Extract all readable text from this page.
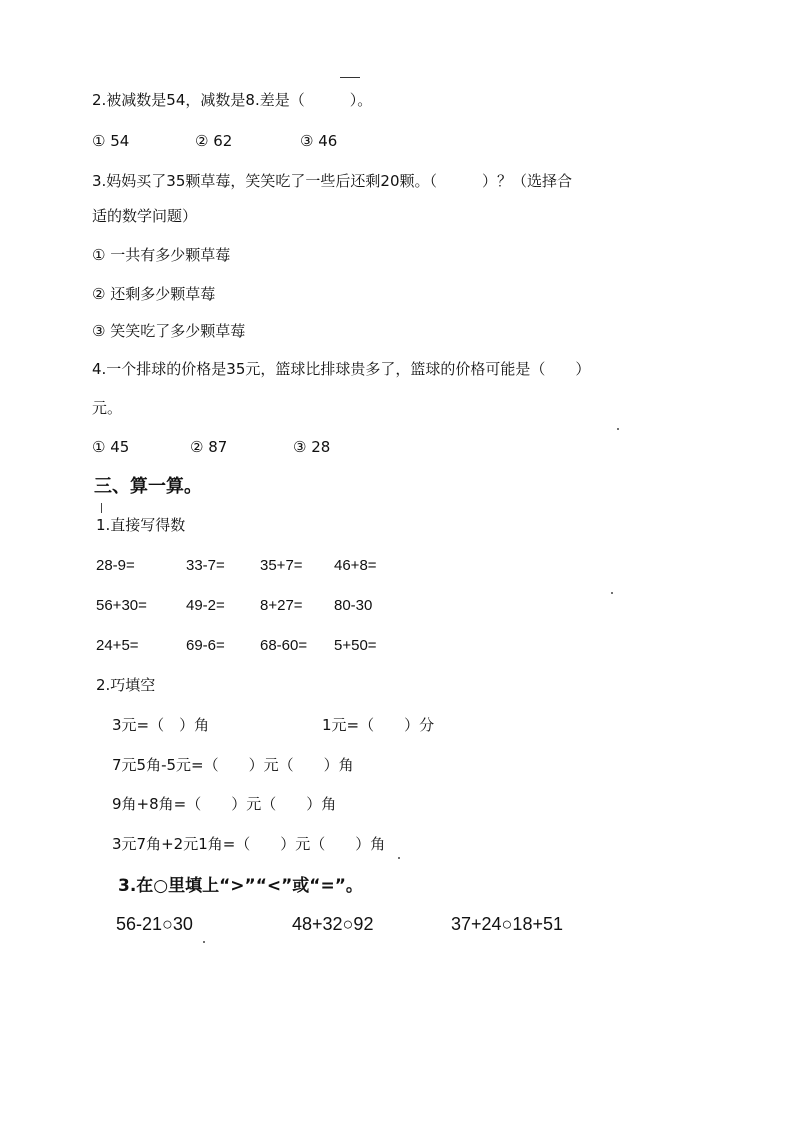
2.被减数是54，减数是8.差是（　　　）。
① 54	② 62	③ 46
3.妈妈买了35颗草莓，笑笑吃了一些后还剩20颗。（　　　）？（选择合
适的数学问题）
① 一共有多少颗草莓
② 还剩多少颗草莓
③ 笑笑吃了多少颗草莓
4.一个排球的价格是35元，篮球比排球贵多了，篮球的价格可能是（　　）
元。
① 45	② 87	③ 28
三、算一算。
1.直接写得数
28-9=	33-7= 35+7= 46+8=
56+30=	49-2= 8+27= 80-30
24+5=	69-6= 68-60= 5+50=
2.巧填空
3元=（　）角	1元=（　　）分
7元5角-5元=（　　）元（　　）角
9角+8角=（　　）元（　　）角
3元7角+2元1角=（　　）元（　　）角
3.在○里填上“>”“<”或“=”。
56-21○30	48+32○92	37+24○18+51
